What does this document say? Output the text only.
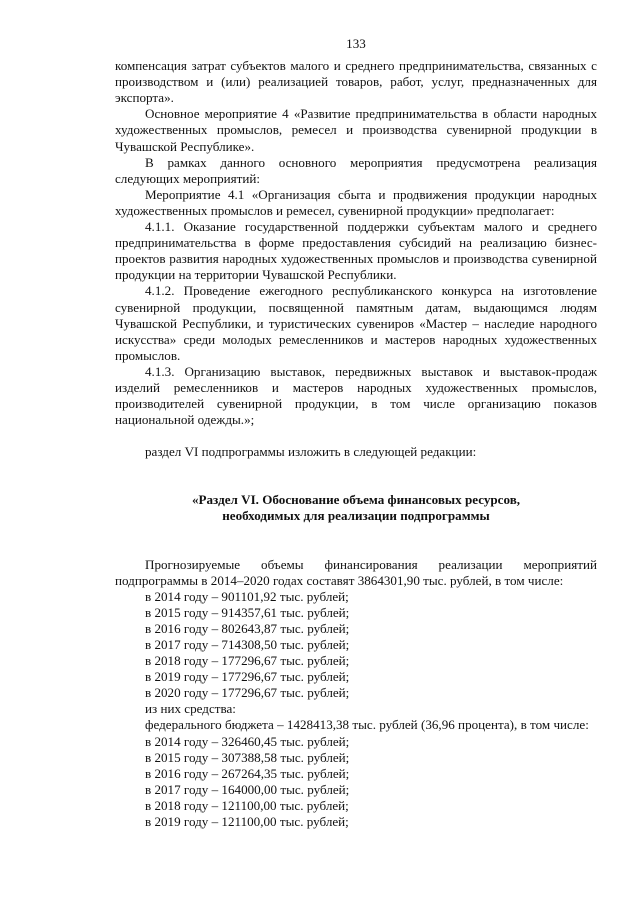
133

компенсация затрат субъектов малого и среднего предпринимательства, связанных с производством и (или) реализацией товаров, работ, услуг, предназначенных для экспорта».

Основное мероприятие 4 «Развитие предпринимательства в области народных художественных промыслов, ремесел и производства сувенирной продукции в Чувашской Республике».

В рамках данного основного мероприятия предусмотрена реализация следующих мероприятий:

Мероприятие 4.1 «Организация сбыта и продвижения продукции народных художественных промыслов и ремесел, сувенирной продукции» предполагает:

4.1.1. Оказание государственной поддержки субъектам малого и среднего предпринимательства в форме предоставления субсидий на реализацию бизнес-проектов развития народных художественных промыслов и производства сувенирной продукции на территории Чувашской Республики.

4.1.2. Проведение ежегодного республиканского конкурса на изготовление сувенирной продукции, посвященной памятным датам, выдающимся людям Чувашской Республики, и туристических сувениров «Мастер – наследие народного искусства» среди молодых ремесленников и мастеров народных художественных промыслов.

4.1.3. Организацию выставок, передвижных выставок и выставок-продаж изделий ремесленников и мастеров народных художественных промыслов, производителей сувенирной продукции, в том числе организацию показов национальной одежды.»;

раздел VI подпрограммы изложить в следующей редакции:

«Раздел VI. Обоснование объема финансовых ресурсов,
необходимых для реализации подпрограммы

Прогнозируемые объемы финансирования реализации мероприятий подпрограммы в 2014–2020 годах составят 3864301,90 тыс. рублей, в том числе:

в 2014 году – 901101,92 тыс. рублей;
в 2015 году – 914357,61 тыс. рублей;
в 2016 году – 802643,87 тыс. рублей;
в 2017 году – 714308,50 тыс. рублей;
в 2018 году – 177296,67 тыс. рублей;
в 2019 году – 177296,67 тыс. рублей;
в 2020 году – 177296,67 тыс. рублей;
из них средства:

федерального бюджета – 1428413,38 тыс. рублей (36,96 процента), в том числе:

в 2014 году – 326460,45 тыс. рублей;
в 2015 году – 307388,58 тыс. рублей;
в 2016 году – 267264,35 тыс. рублей;
в 2017 году – 164000,00 тыс. рублей;
в 2018 году – 121100,00 тыс. рублей;
в 2019 году – 121100,00 тыс. рублей;
